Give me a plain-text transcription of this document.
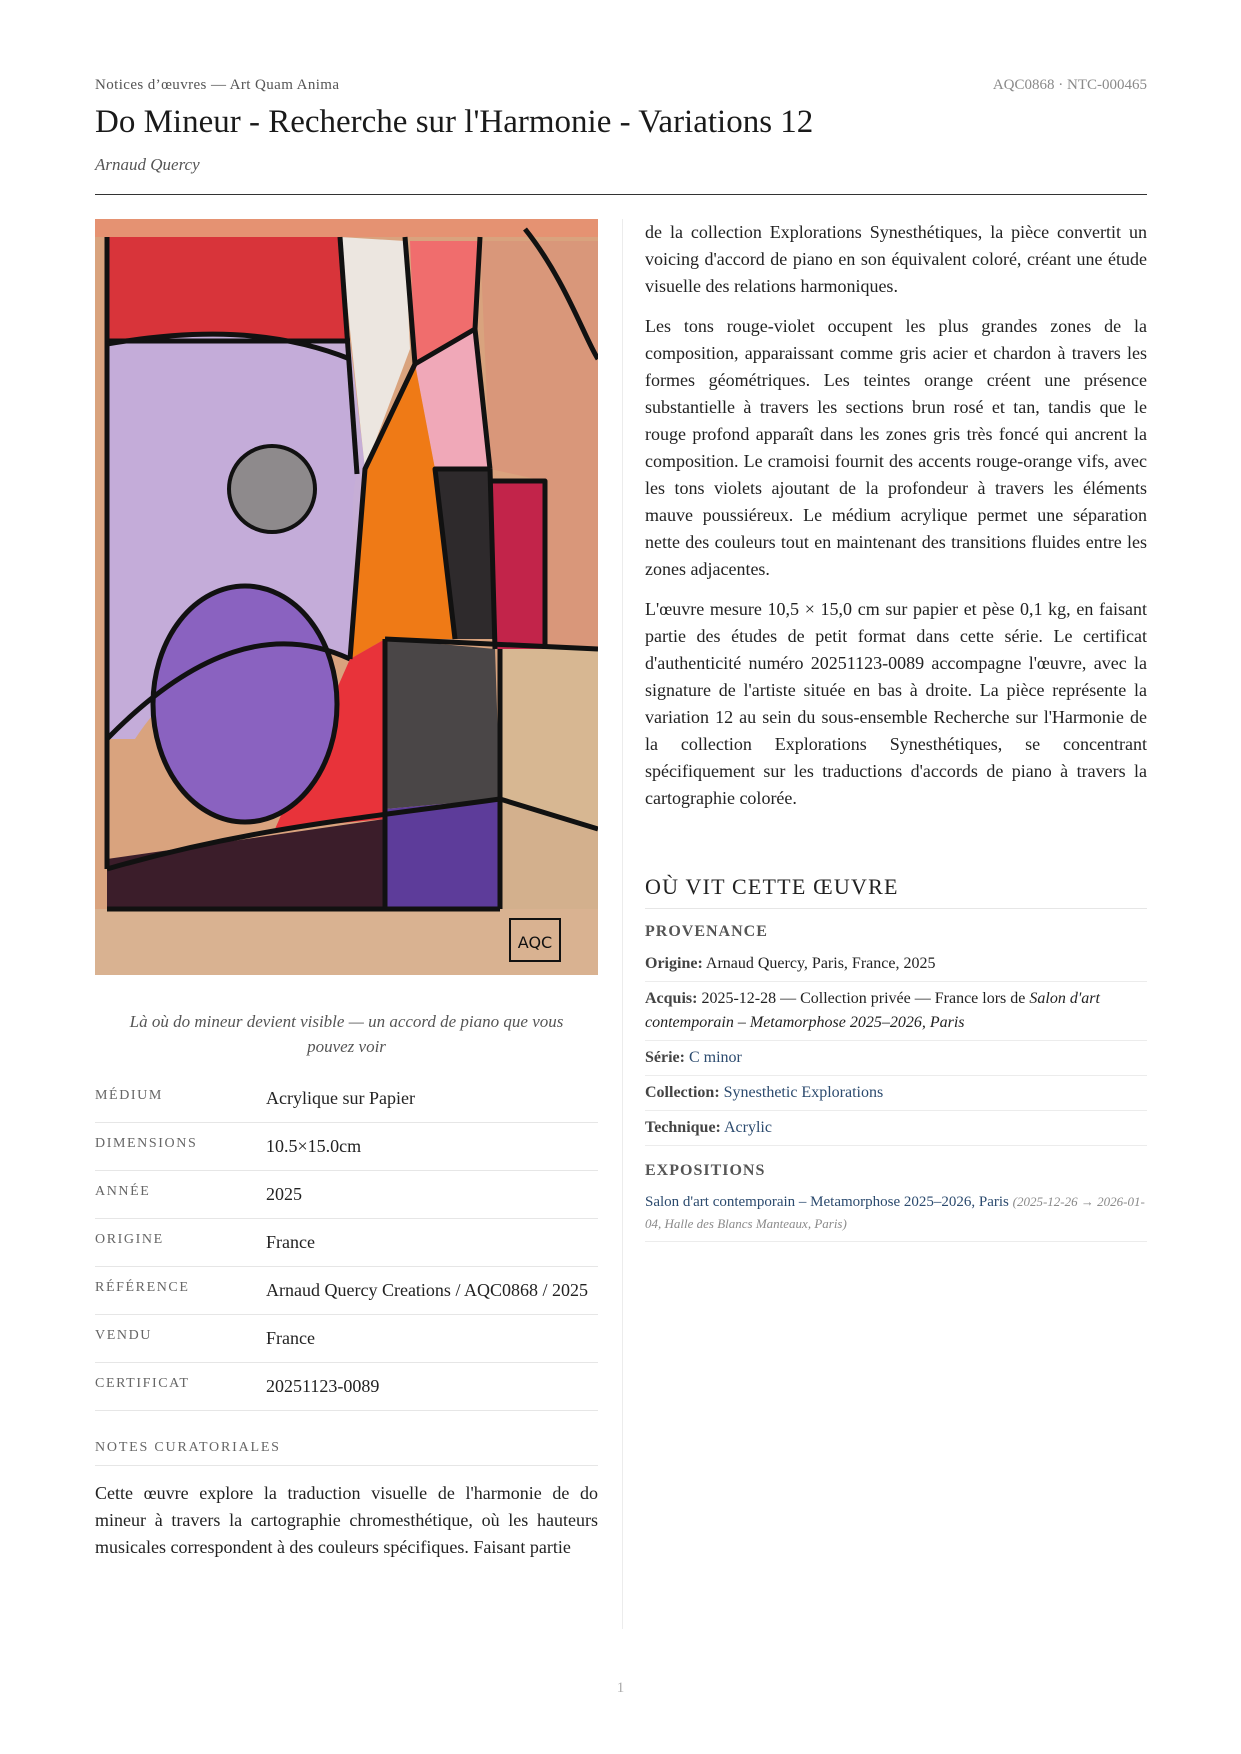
Notices d’œuvres — Art Quam Anima	AQC0868 · NTC-000465
Do Mineur - Recherche sur l'Harmonie - Variations 12
Arnaud Quercy
AQC
Là où do mineur devient visible — un accord de piano que vous pouvez voir
MÉDIUM	Acrylique sur Papier
DIMENSIONS	10.5×15.0cm
ANNÉE	2025
ORIGINE	France
RÉFÉRENCE	Arnaud Quercy Creations / AQC0868 / 2025
VENDU	France
CERTIFICAT	20251123-0089
NOTES CURATORIALES
Cette œuvre explore la traduction visuelle de l'harmonie de do mineur à travers la cartographie chromesthétique, où les hauteurs musicales correspondent à des couleurs spécifiques. Faisant partie

de la collection Explorations Synesthétiques, la pièce convertit un voicing d'accord de piano en son équivalent coloré, créant une étude visuelle des relations harmoniques.

Les tons rouge-violet occupent les plus grandes zones de la composition, apparaissant comme gris acier et chardon à travers les formes géométriques. Les teintes orange créent une présence substantielle à travers les sections brun rosé et tan, tandis que le rouge profond apparaît dans les zones gris très foncé qui ancrent la composition. Le cramoisi fournit des accents rouge-orange vifs, avec les tons violets ajoutant de la profondeur à travers les éléments mauve poussiéreux. Le médium acrylique permet une séparation nette des couleurs tout en maintenant des transitions fluides entre les zones adjacentes.

L'œuvre mesure 10,5 × 15,0 cm sur papier et pèse 0,1 kg, en faisant partie des études de petit format dans cette série. Le certificat d'authenticité numéro 20251123-0089 accompagne l'œuvre, avec la signature de l'artiste située en bas à droite. La pièce représente la variation 12 au sein du sous-ensemble Recherche sur l'Harmonie de la collection Explorations Synesthétiques, se concentrant spécifiquement sur les traductions d'accords de piano à travers la cartographie colorée.

OÙ VIT CETTE ŒUVRE
PROVENANCE
Origine: Arnaud Quercy, Paris, France, 2025
Acquis: 2025-12-28 — Collection privée — France lors de Salon d'art contemporain – Metamorphose 2025–2026, Paris
Série: C minor
Collection: Synesthetic Explorations
Technique: Acrylic
EXPOSITIONS
Salon d'art contemporain – Metamorphose 2025–2026, Paris (2025-12-26 → 2026-01-04, Halle des Blancs Manteaux, Paris)
1
